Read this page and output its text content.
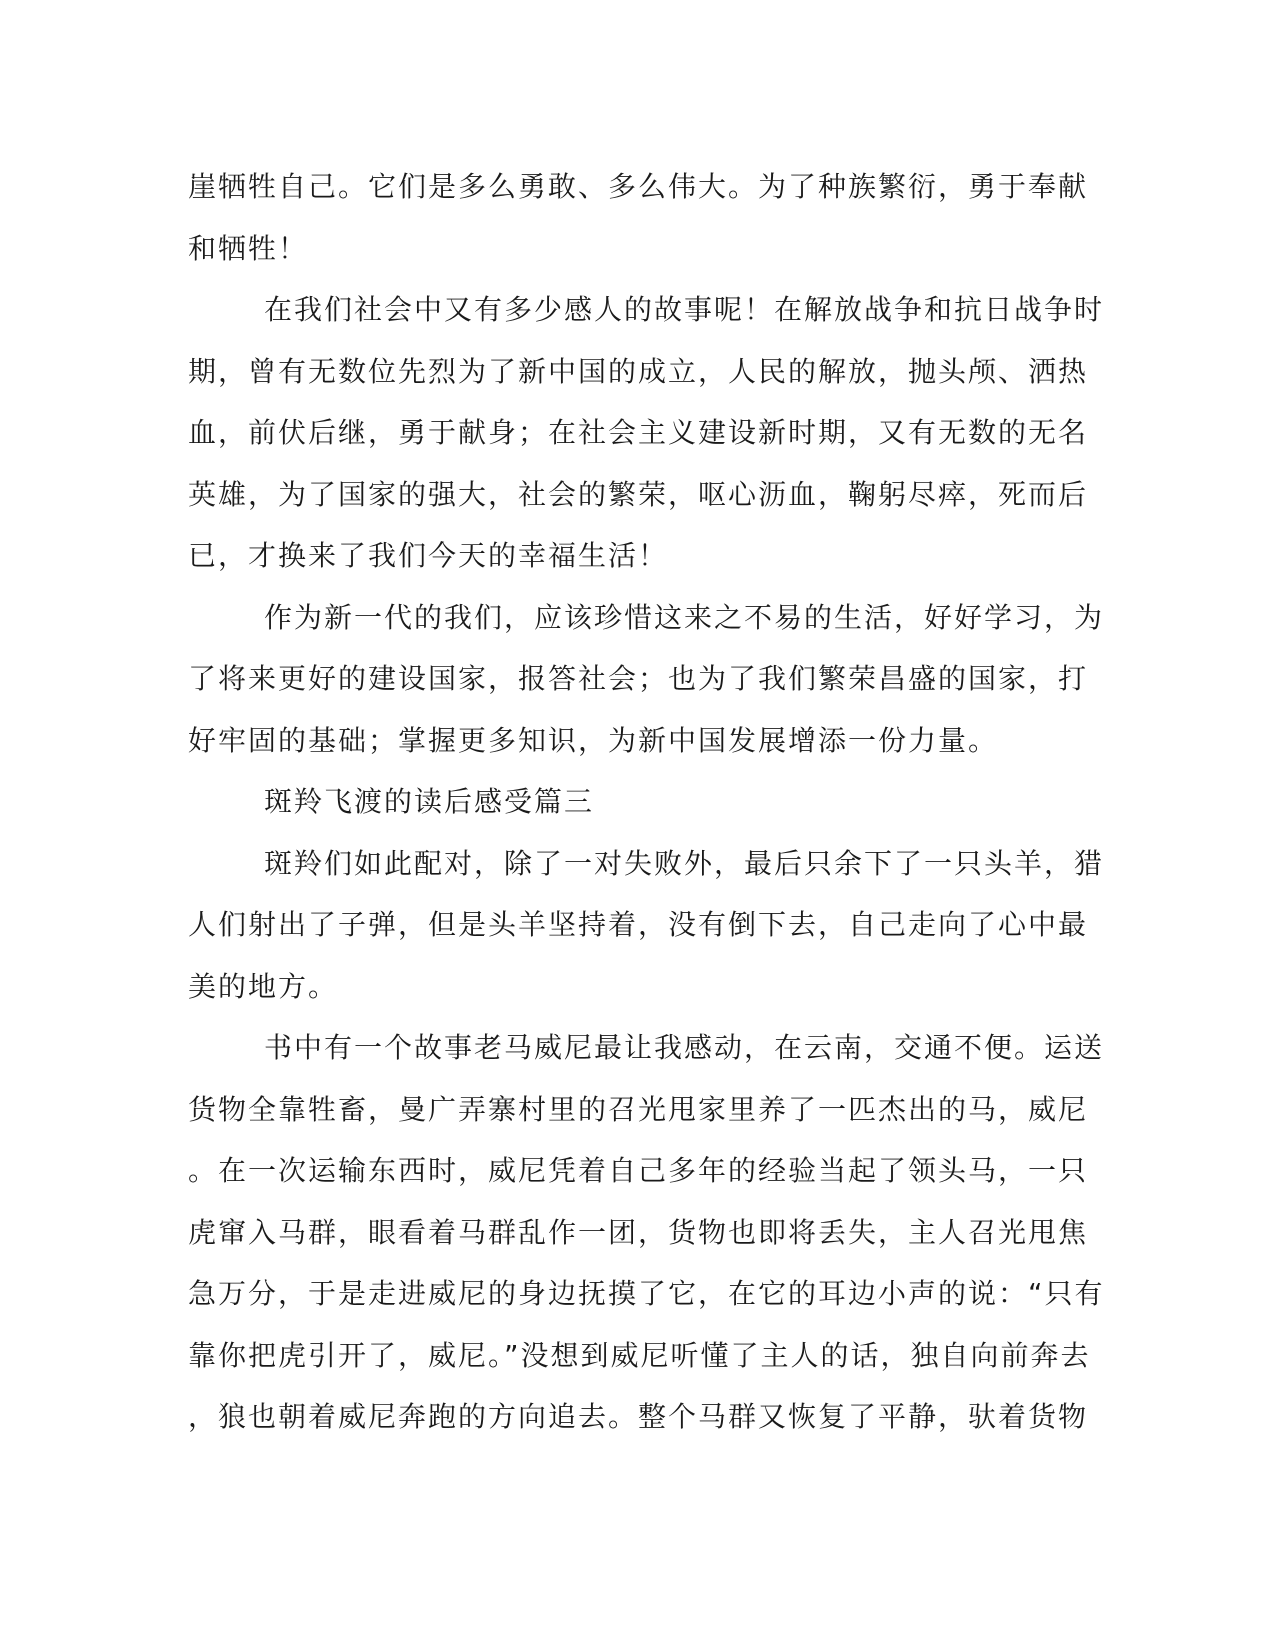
崖牺牲自己。它们是多么勇敢、多么伟大。为了种族繁衍，勇于奉献
和牺牲！
在我们社会中又有多少感人的故事呢！在解放战争和抗日战争时
期，曾有无数位先烈为了新中国的成立，人民的解放，抛头颅、洒热
血，前伏后继，勇于献身；在社会主义建设新时期，又有无数的无名
英雄，为了国家的强大，社会的繁荣，呕心沥血，鞠躬尽瘁，死而后
已，才换来了我们今天的幸福生活！
作为新一代的我们，应该珍惜这来之不易的生活，好好学习，为
了将来更好的建设国家，报答社会；也为了我们繁荣昌盛的国家，打
好牢固的基础；掌握更多知识，为新中国发展增添一份力量。
斑羚飞渡的读后感受篇三
斑羚们如此配对，除了一对失败外，最后只余下了一只头羊，猎
人们射出了子弹，但是头羊坚持着，没有倒下去，自己走向了心中最
美的地方。
书中有一个故事老马威尼最让我感动，在云南，交通不便。运送
货物全靠牲畜，曼广弄寨村里的召光甩家里养了一匹杰出的马，威尼
。在一次运输东西时，威尼凭着自己多年的经验当起了领头马，一只
虎窜入马群，眼看着马群乱作一团，货物也即将丢失，主人召光甩焦
急万分，于是走进威尼的身边抚摸了它，在它的耳边小声的说：“只有
靠你把虎引开了，威尼。”没想到威尼听懂了主人的话，独自向前奔去
，狼也朝着威尼奔跑的方向追去。整个马群又恢复了平静，驮着货物
